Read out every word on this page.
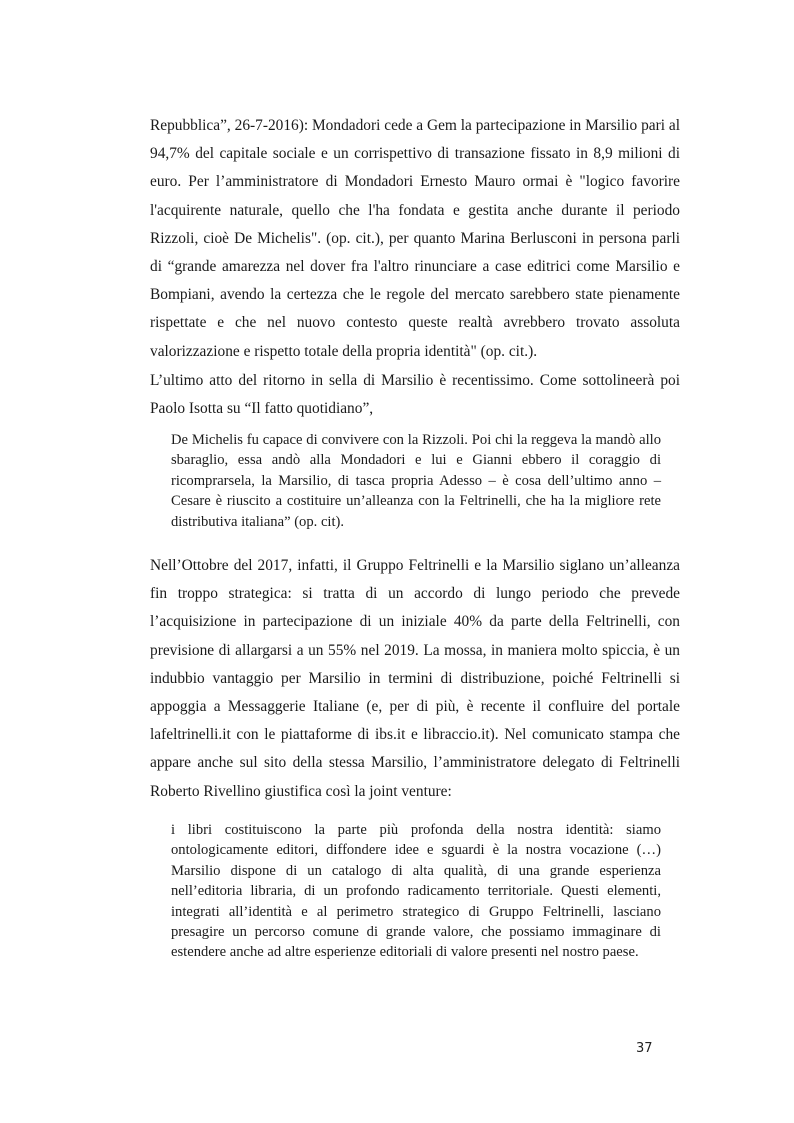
Repubblica”, 26-7-2016): Mondadori cede a Gem la partecipazione in Marsilio pari al 94,7% del capitale sociale e un corrispettivo di transazione fissato in 8,9 milioni di euro. Per l’amministratore di Mondadori Ernesto Mauro ormai è "logico favorire l'acquirente naturale, quello che l'ha fondata e gestita anche durante il periodo Rizzoli, cioè De Michelis". (op. cit.), per quanto Marina Berlusconi in persona parli di “grande amarezza nel dover fra l'altro rinunciare a case editrici come Marsilio e Bompiani, avendo la certezza che le regole del mercato sarebbero state pienamente rispettate e che nel nuovo contesto queste realtà avrebbero trovato assoluta valorizzazione e rispetto totale della propria identità" (op. cit.).

L’ultimo atto del ritorno in sella di Marsilio è recentissimo. Come sottolineerà poi Paolo Isotta su “Il fatto quotidiano”,

De Michelis fu capace di convivere con la Rizzoli. Poi chi la reggeva la mandò allo sbaraglio, essa andò alla Mondadori e lui e Gianni ebbero il coraggio di ricomprarsela, la Marsilio, di tasca propria Adesso – è cosa dell’ultimo anno – Cesare è riuscito a costituire un’alleanza con la Feltrinelli, che ha la migliore rete distributiva italiana” (op. cit).

Nell’Ottobre del 2017, infatti, il Gruppo Feltrinelli e la Marsilio siglano un’alleanza fin troppo strategica: si tratta di un accordo di lungo periodo che prevede l’acquisizione in partecipazione di un iniziale 40% da parte della Feltrinelli, con previsione di allargarsi a un 55% nel 2019. La mossa, in maniera molto spiccia, è un indubbio vantaggio per Marsilio in termini di distribuzione, poiché Feltrinelli si appoggia a Messaggerie Italiane (e, per di più, è recente il confluire del portale lafeltrinelli.it con le piattaforme di ibs.it e libraccio.it). Nel comunicato stampa che appare anche sul sito della stessa Marsilio, l’amministratore delegato di Feltrinelli Roberto Rivellino giustifica così la joint venture:

i libri costituiscono la parte più profonda della nostra identità: siamo ontologicamente editori, diffondere idee e sguardi è la nostra vocazione (…) Marsilio dispone di un catalogo di alta qualità, di una grande esperienza nell’editoria libraria, di un profondo radicamento territoriale. Questi elementi, integrati all’identità e al perimetro strategico di Gruppo Feltrinelli, lasciano presagire un percorso comune di grande valore, che possiamo immaginare di estendere anche ad altre esperienze editoriali di valore presenti nel nostro paese.
37
